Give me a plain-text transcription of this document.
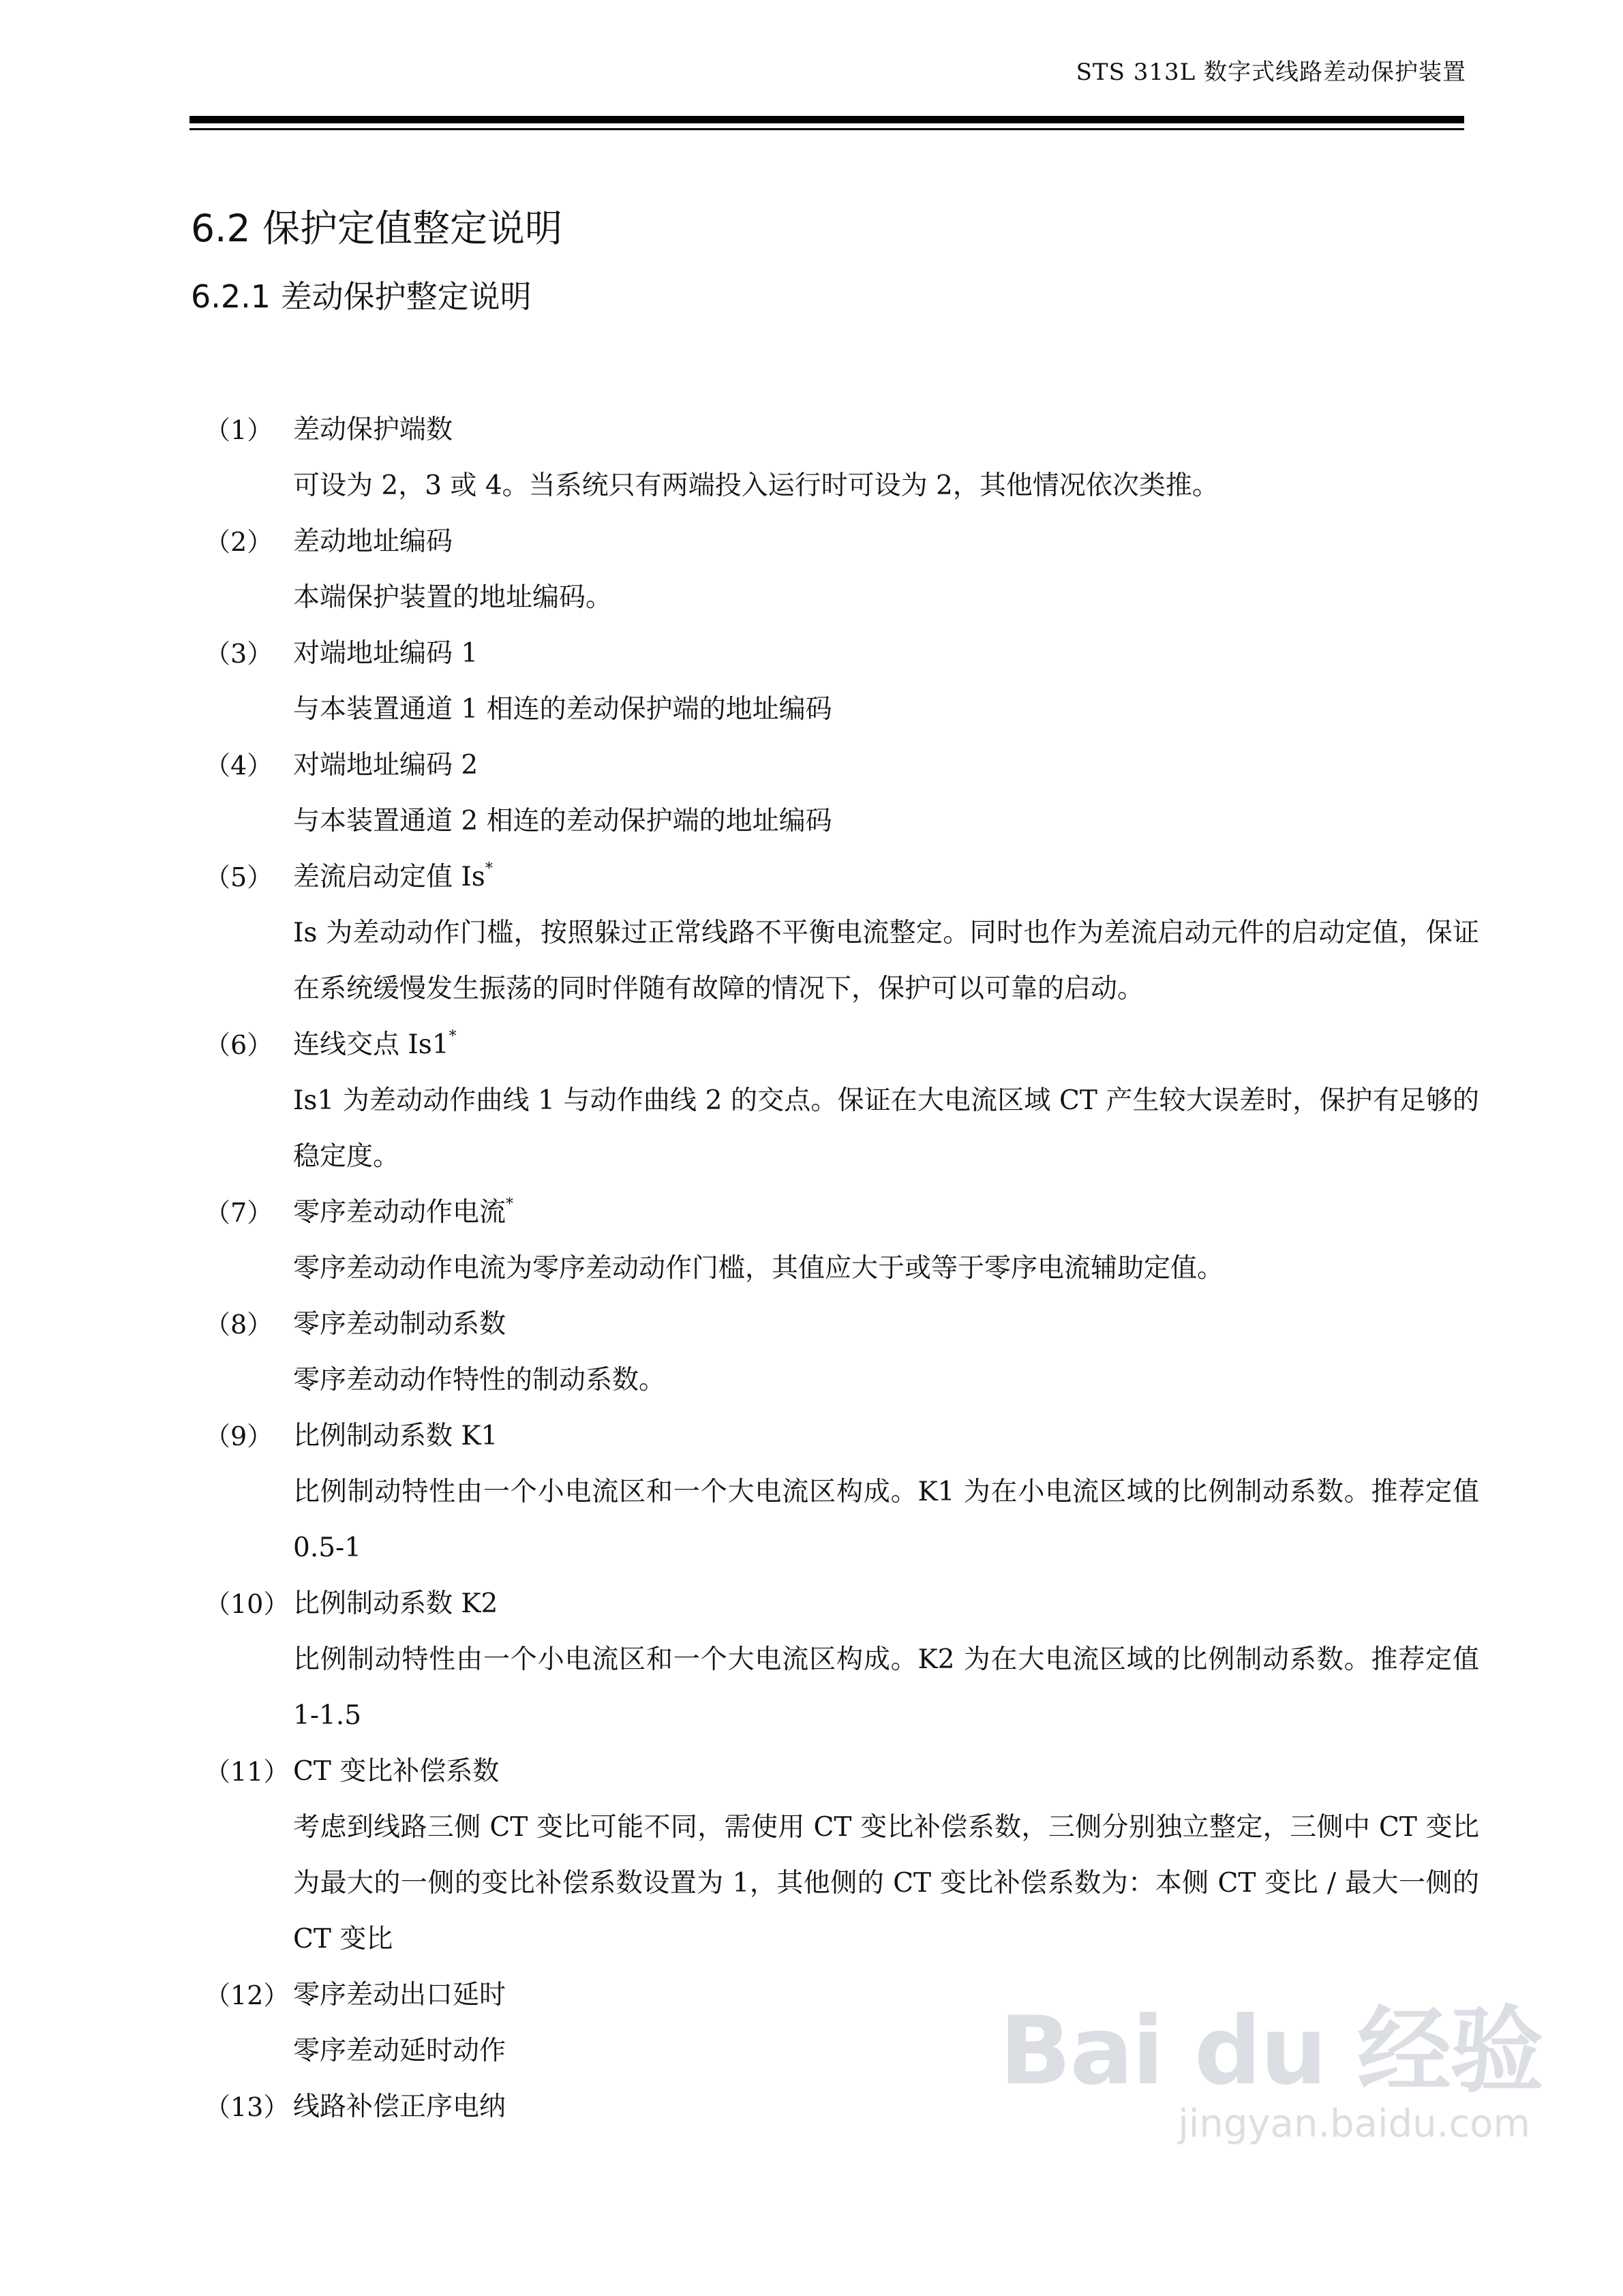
STS 313L 数字式线路差动保护装置
6.2 保护定值整定说明
6.2.1 差动保护整定说明
（1） 差动保护端数
可设为 2，3 或 4。当系统只有两端投入运行时可设为 2，其他情况依次类推。
（2） 差动地址编码
本端保护装置的地址编码。
（3） 对端地址编码 1
与本装置通道 1 相连的差动保护端的地址编码
（4） 对端地址编码 2
与本装置通道 2 相连的差动保护端的地址编码
（5） 差流启动定值 Is*
Is 为差动动作门槛，按照躲过正常线路不平衡电流整定。同时也作为差流启动元件的启动定值，保证在系统缓慢发生振荡的同时伴随有故障的情况下，保护可以可靠的启动。
（6） 连线交点 Is1*
Is1 为差动动作曲线 1 与动作曲线 2 的交点。保证在大电流区域 CT 产生较大误差时，保护有足够的稳定度。
（7） 零序差动动作电流*
零序差动动作电流为零序差动动作门槛，其值应大于或等于零序电流辅助定值。
（8） 零序差动制动系数
零序差动动作特性的制动系数。
（9） 比例制动系数 K1
比例制动特性由一个小电流区和一个大电流区构成。K1 为在小电流区域的比例制动系数。推荐定值 0.5-1
（10） 比例制动系数 K2
比例制动特性由一个小电流区和一个大电流区构成。K2 为在大电流区域的比例制动系数。推荐定值 1-1.5
（11） CT 变比补偿系数
考虑到线路三侧 CT 变比可能不同，需使用 CT 变比补偿系数，三侧分别独立整定，三侧中 CT 变比为最大的一侧的变比补偿系数设置为 1，其他侧的 CT 变比补偿系数为：本侧 CT 变比 / 最大一侧的 CT 变比
（12） 零序差动出口延时
零序差动延时动作
（13） 线路补偿正序电纳
Bai du 经验
jingyan.baidu.com
